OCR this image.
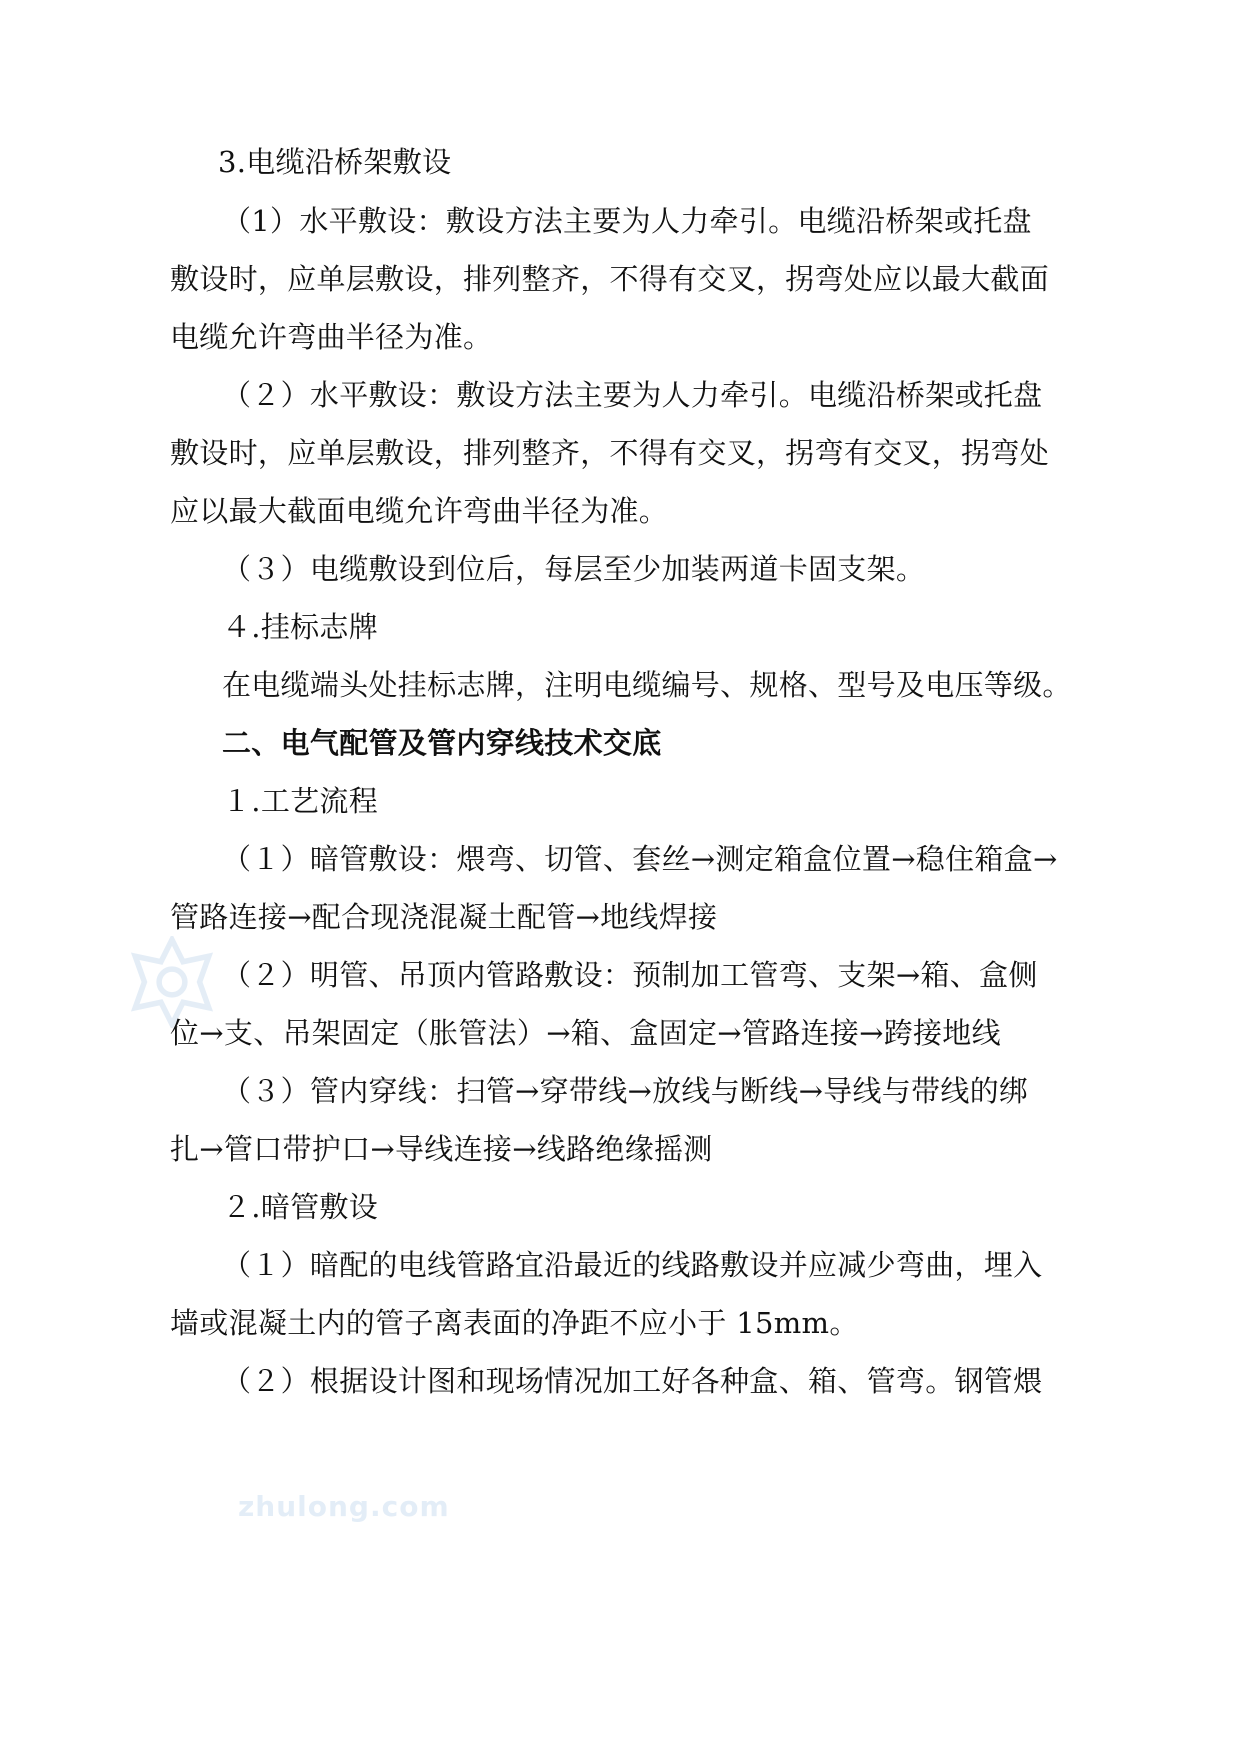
zhulong.com
3.电缆沿桥架敷设
（1）水平敷设：敷设方法主要为人力牵引。电缆沿桥架或托盘
敷设时，应单层敷设，排列整齐，不得有交叉，拐弯处应以最大截面
电缆允许弯曲半径为准。
（２）水平敷设：敷设方法主要为人力牵引。电缆沿桥架或托盘
敷设时，应单层敷设，排列整齐，不得有交叉，拐弯有交叉，拐弯处
应以最大截面电缆允许弯曲半径为准。
（３）电缆敷设到位后，每层至少加装两道卡固支架。
４.挂标志牌
在电缆端头处挂标志牌，注明电缆编号、规格、型号及电压等级。
二、电气配管及管内穿线技术交底
１.工艺流程
（１）暗管敷设：煨弯、切管、套丝→测定箱盒位置→稳住箱盒→
管路连接→配合现浇混凝土配管→地线焊接
（２）明管、吊顶内管路敷设：预制加工管弯、支架→箱、盒侧
位→支、吊架固定（胀管法）→箱、盒固定→管路连接→跨接地线
（３）管内穿线：扫管→穿带线→放线与断线→导线与带线的绑
扎→管口带护口→导线连接→线路绝缘摇测
２.暗管敷设
（１）暗配的电线管路宜沿最近的线路敷设并应减少弯曲，埋入
墙或混凝土内的管子离表面的净距不应小于 15mm。
（２）根据设计图和现场情况加工好各种盒、箱、管弯。钢管煨
